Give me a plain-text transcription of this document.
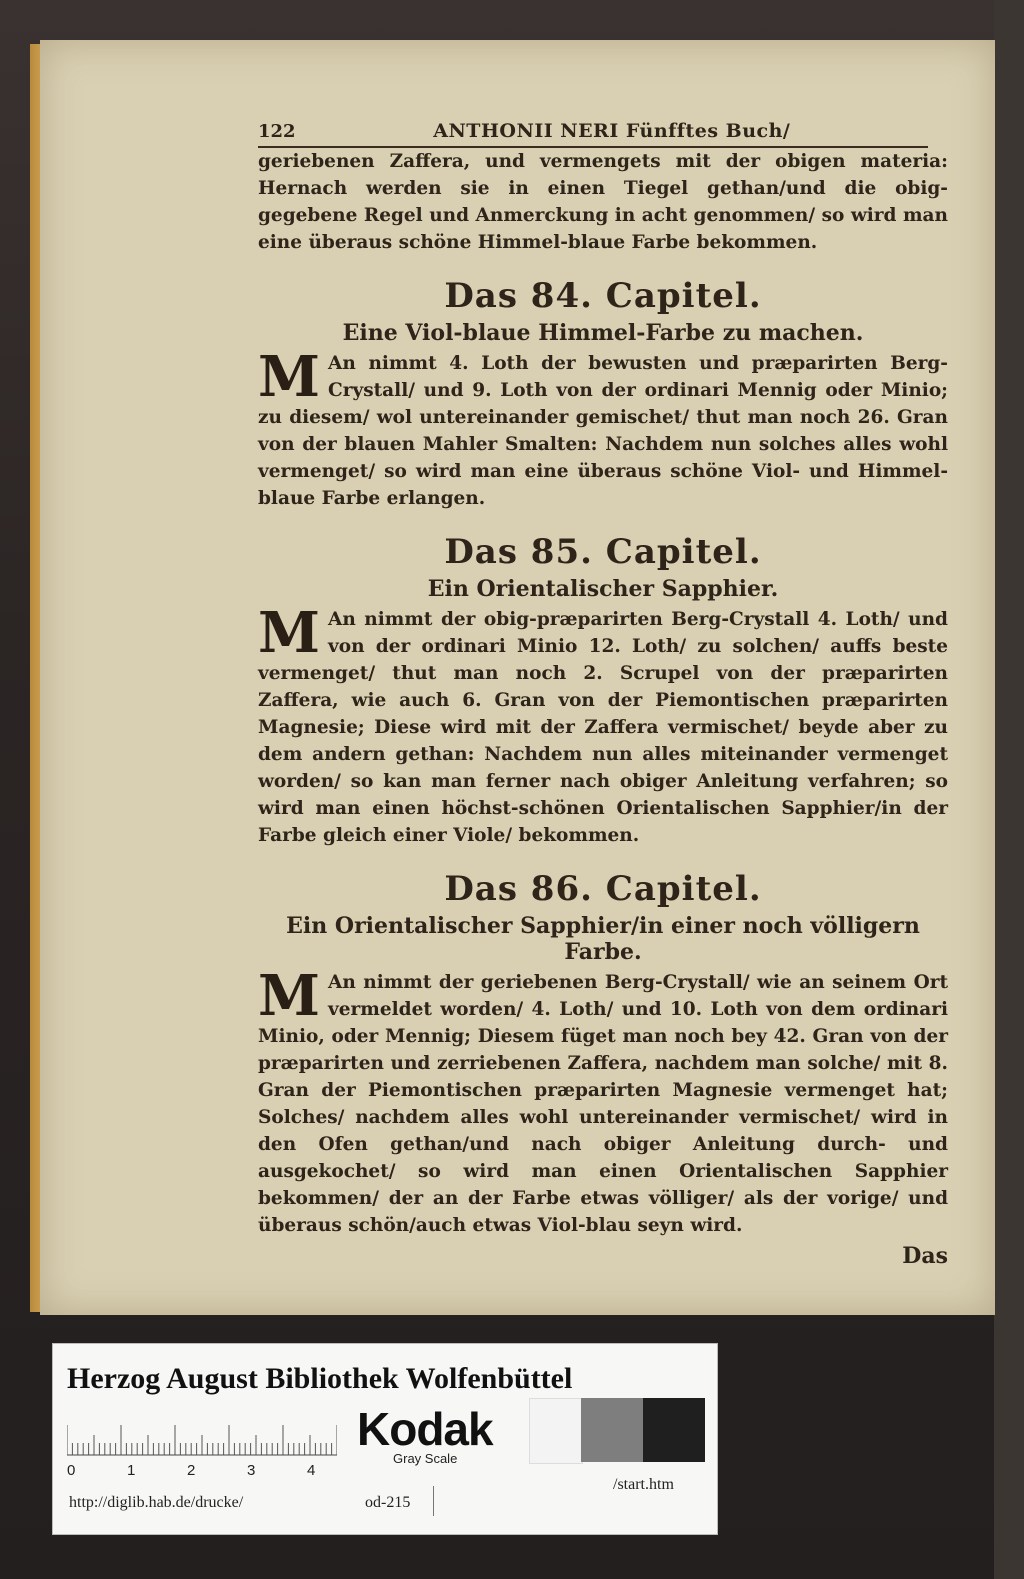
122	ANTHONII NERI Fünfftes Buch/

geriebenen Zaffera, und vermengets mit der obigen materia: Hernach werden sie in einen Tiegel gethan/und die obig-gegebene Regel und Anmerckung in acht genommen/ so wird man eine überaus schöne Himmel-blaue Farbe bekommen.

Das 84. Capitel.
Eine Viol-blaue Himmel-Farbe zu machen.

M An nimmt 4. Loth der bewusten und præparirten Berg-Crystall/ und 9. Loth von der ordinari Mennig oder Minio; zu diesem/ wol untereinander gemischet/ thut man noch 26. Gran von der blauen Mahler Smalten: Nachdem nun solches alles wohl vermenget/ so wird man eine überaus schöne Viol- und Himmel-blaue Farbe erlangen.

Das 85. Capitel.
Ein Orientalischer Sapphier.

M An nimmt der obig-præparirten Berg-Crystall 4. Loth/ und von der ordinari Minio 12. Loth/ zu solchen/ auffs beste vermenget/ thut man noch 2. Scrupel von der præparirten Zaffera, wie auch 6. Gran von der Piemontischen præparirten Magnesie; Diese wird mit der Zaffera vermischet/ beyde aber zu dem andern gethan: Nachdem nun alles miteinander vermenget worden/ so kan man ferner nach obiger Anleitung verfahren; so wird man einen höchst-schönen Orientalischen Sapphier/in der Farbe gleich einer Viole/ bekommen.

Das 86. Capitel.
Ein Orientalischer Sapphier/in einer noch völligern Farbe.

M An nimmt der geriebenen Berg-Crystall/ wie an seinem Ort vermeldet worden/ 4. Loth/ und 10. Loth von dem ordinari Minio, oder Mennig; Diesem füget man noch bey 42. Gran von der præparirten und zerriebenen Zaffera, nachdem man solche/ mit 8. Gran der Piemontischen præparirten Magnesie vermenget hat; Solches/ nachdem alles wohl untereinander vermischet/ wird in den Ofen gethan/und nach obiger Anleitung durch- und ausgekochet/ so wird man einen Orientalischen Sapphier bekommen/ der an der Farbe etwas völliger/ als der vorige/ und überaus schön/auch etwas Viol-blau seyn wird.

Das
Herzog August Bibliothek Wolfenbüttel
0	1	2	3	4
Kodak
Gray Scale
http://diglib.hab.de/drucke/	od-215
/start.htm
